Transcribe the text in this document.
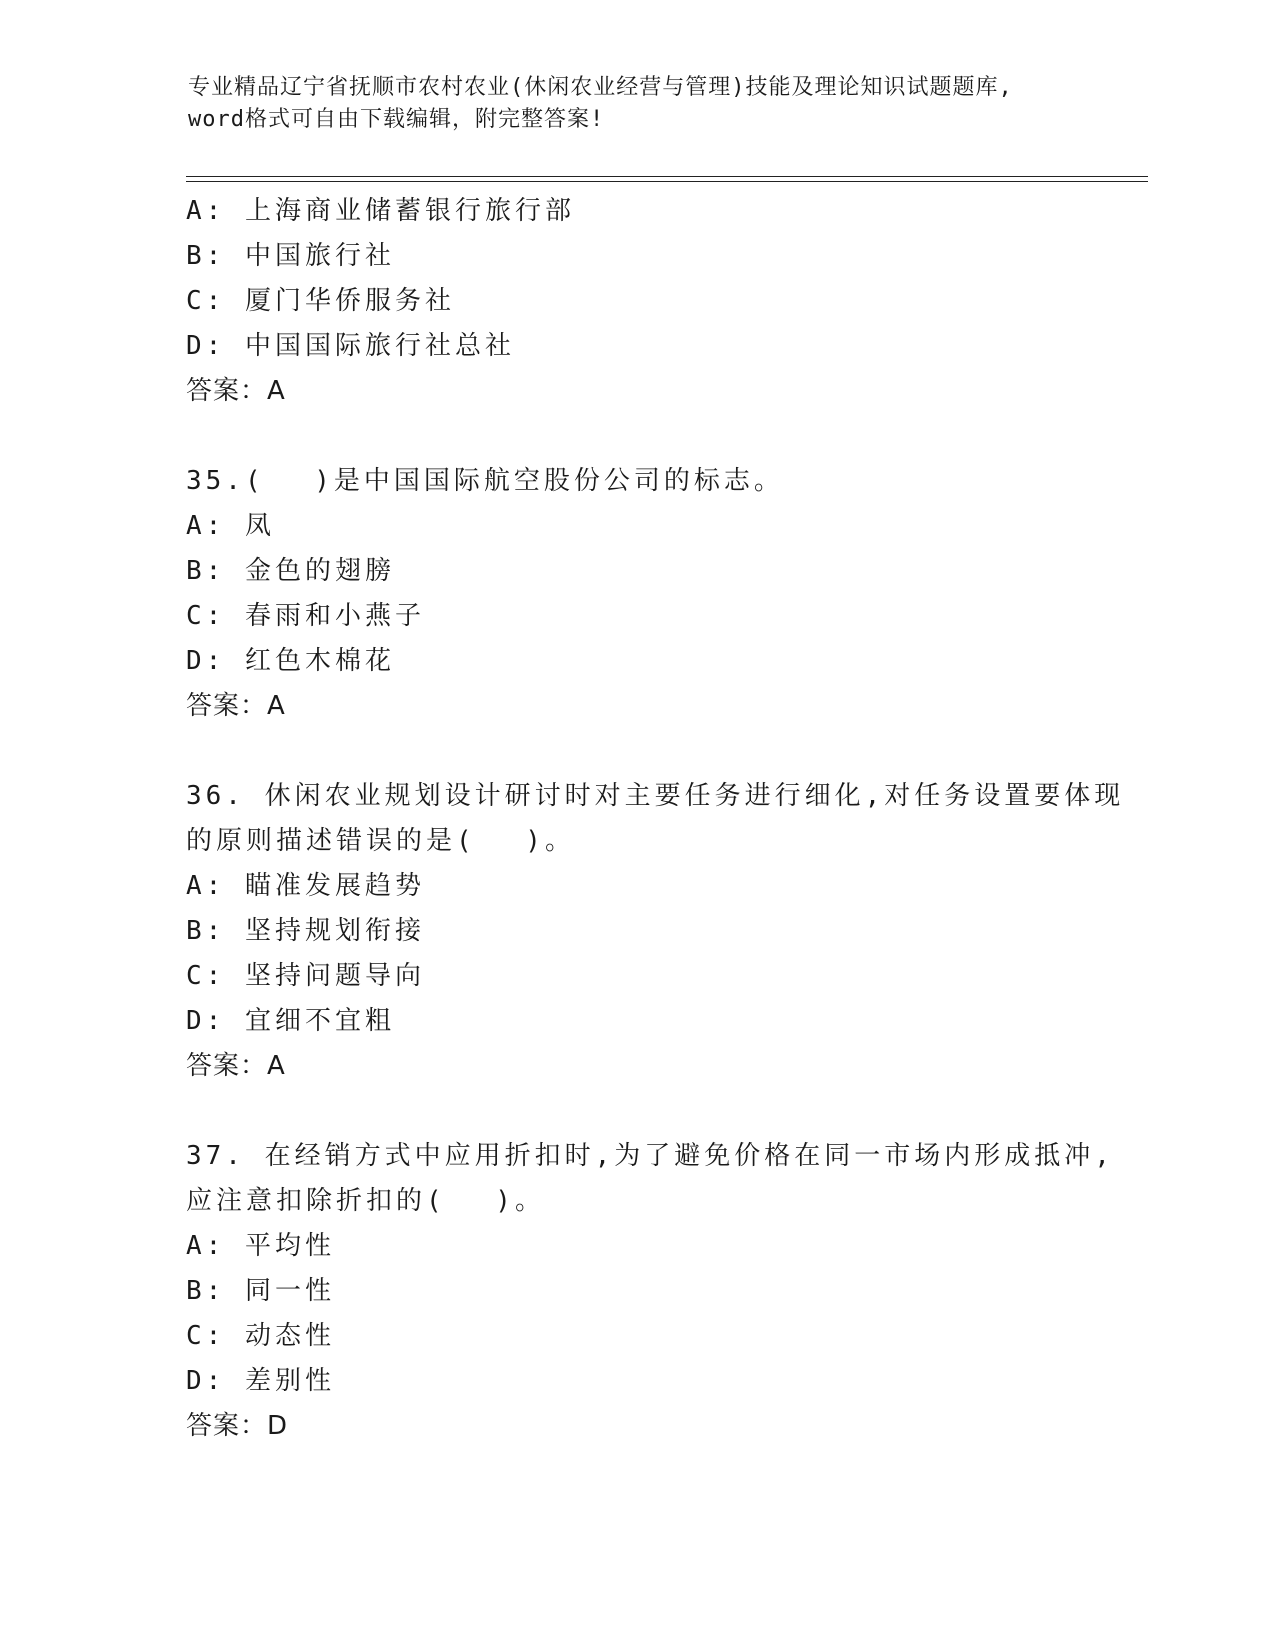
专业精品辽宁省抚顺市农村农业(休闲农业经营与管理)技能及理论知识试题题库,
word格式可自由下载编辑，附完整答案!
A: 上海商业储蓄银行旅行部
B: 中国旅行社
C: 厦门华侨服务社
D: 中国国际旅行社总社
答案：A
35.(　 )是中国国际航空股份公司的标志。
A: 凤
B: 金色的翅膀
C: 春雨和小燕子
D: 红色木棉花
答案：A
36. 休闲农业规划设计研讨时对主要任务进行细化,对任务设置要体现
的原则描述错误的是(　 )。
A: 瞄准发展趋势
B: 坚持规划衔接
C: 坚持问题导向
D: 宜细不宜粗
答案：A
37. 在经销方式中应用折扣时,为了避免价格在同一市场内形成抵冲,
应注意扣除折扣的(　 )。
A: 平均性
B: 同一性
C: 动态性
D: 差别性
答案：D
